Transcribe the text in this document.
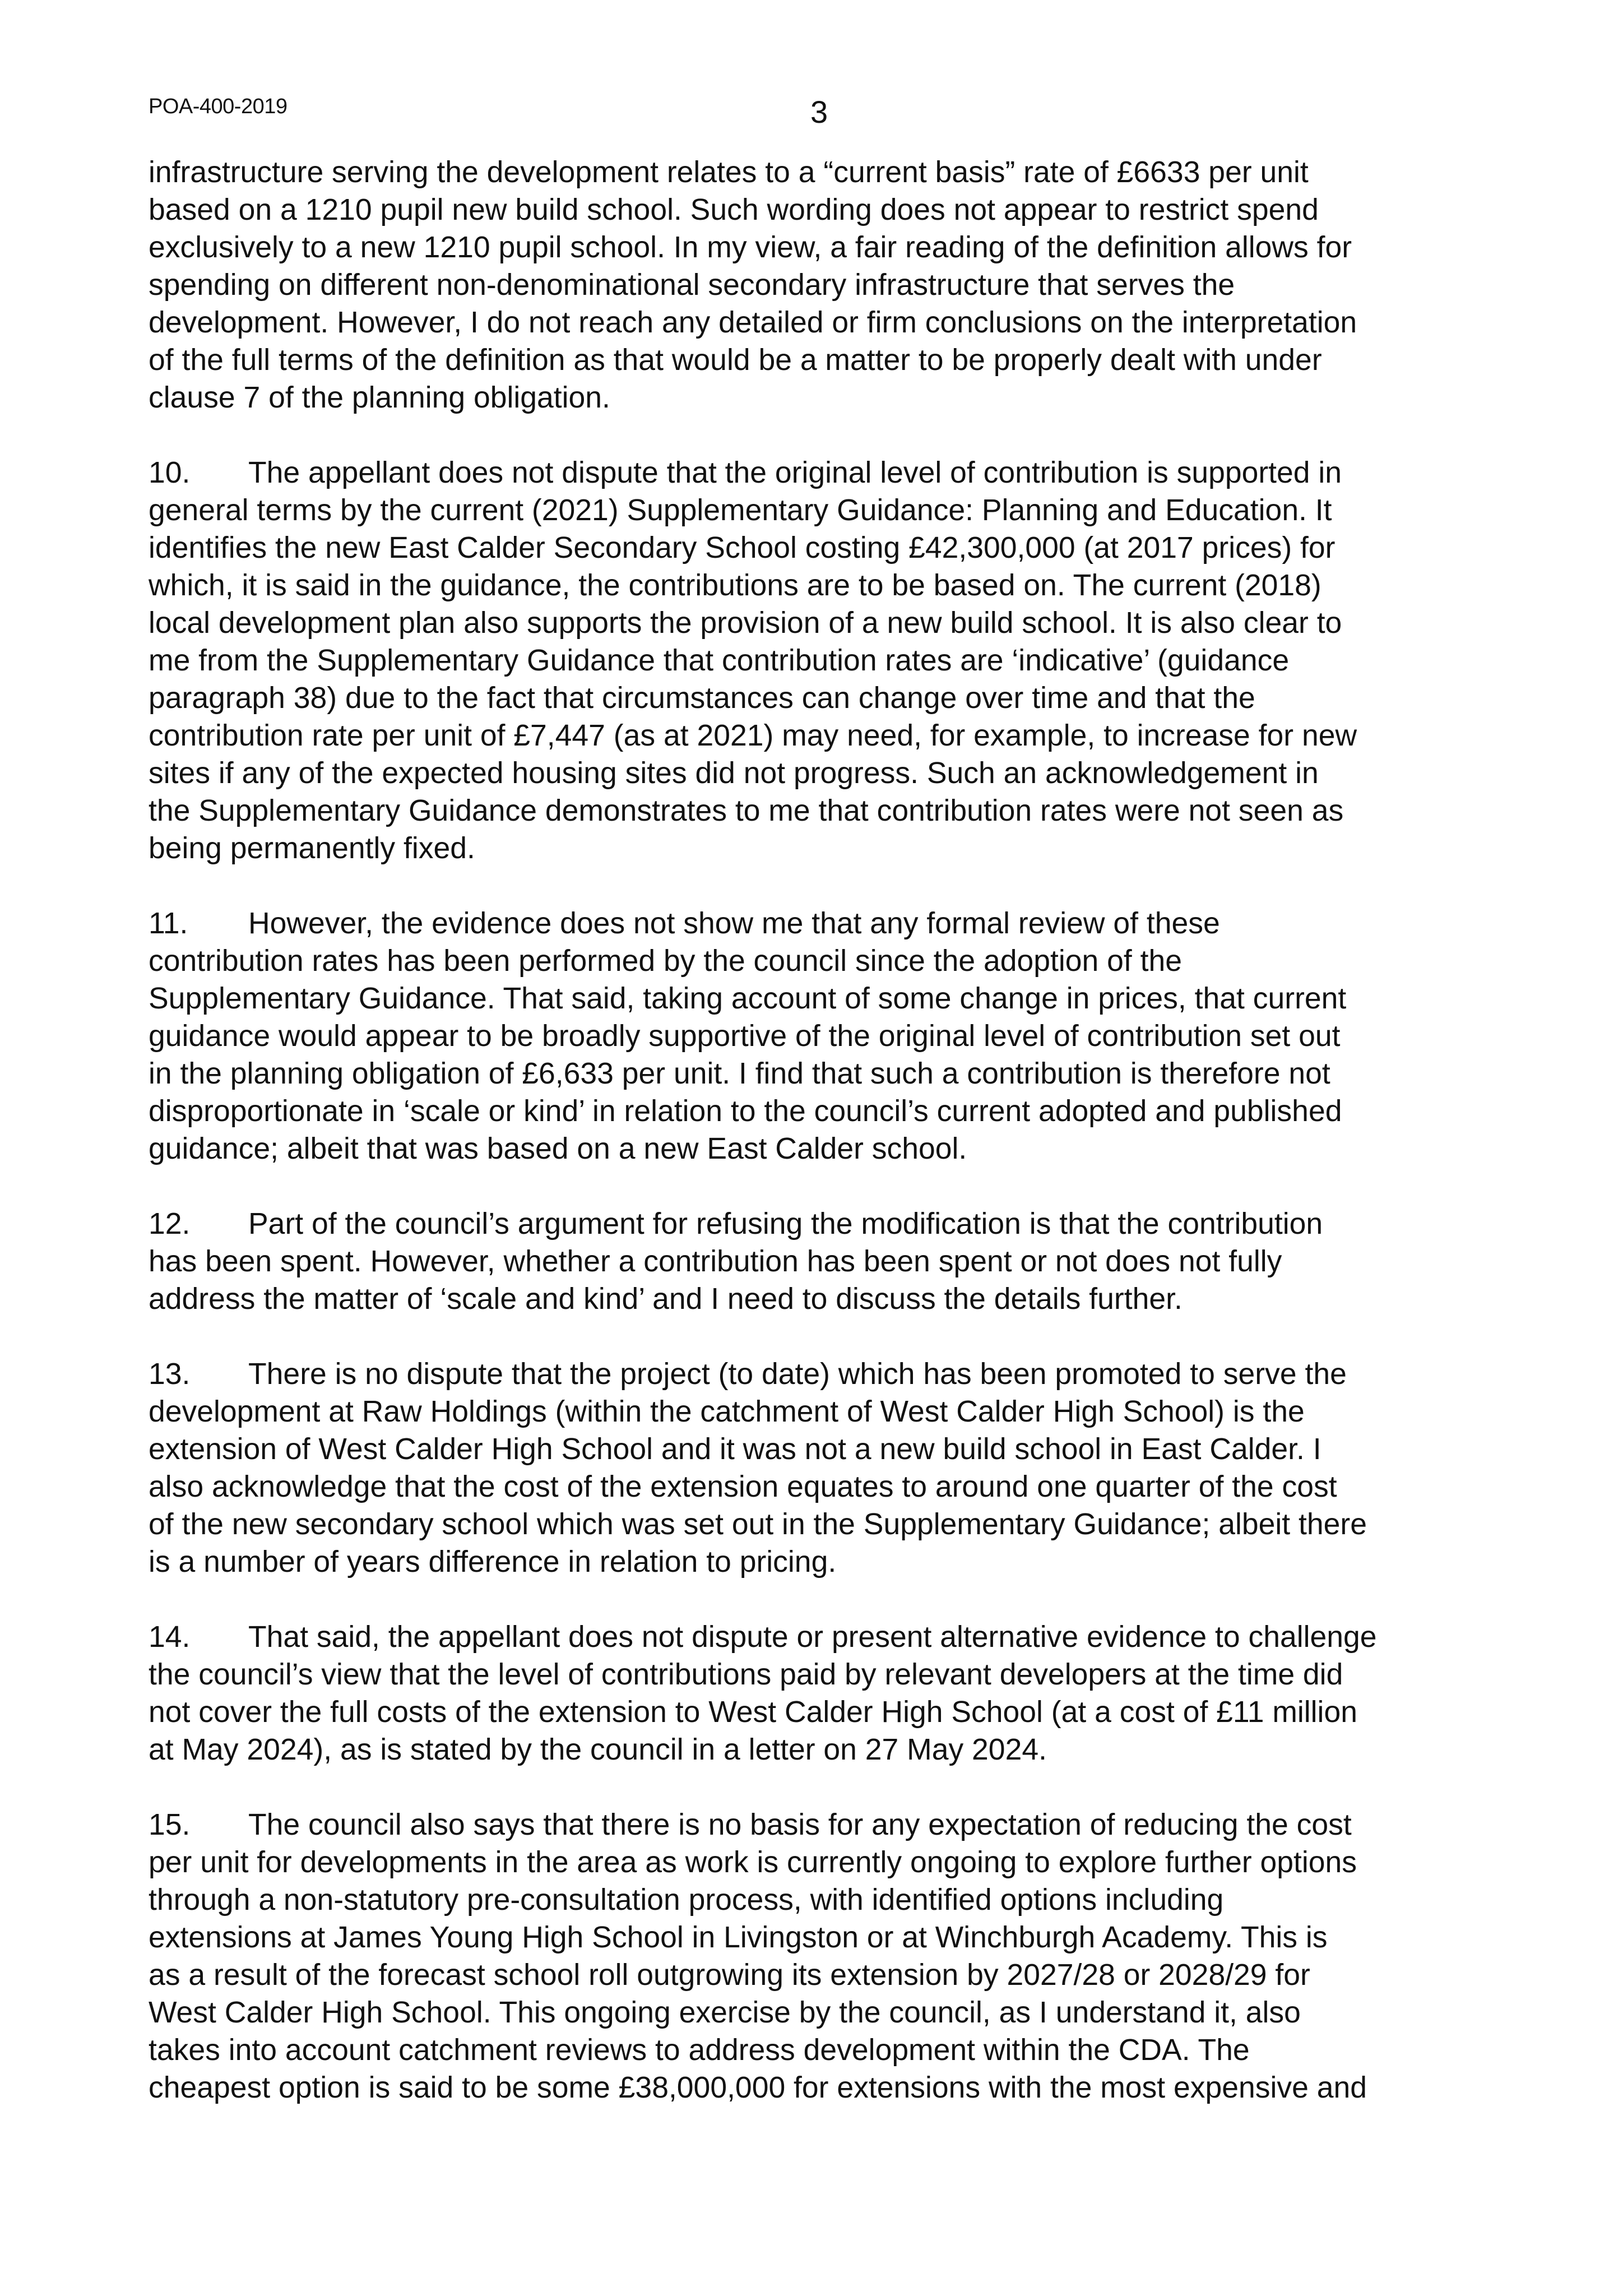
POA-400-2019	3
infrastructure serving the development relates to a “current basis” rate of £6633 per unit
based on a 1210 pupil new build school. Such wording does not appear to restrict spend
exclusively to a new 1210 pupil school. In my view, a fair reading of the definition allows for
spending on different non-denominational secondary infrastructure that serves the
development. However, I do not reach any detailed or firm conclusions on the interpretation
of the full terms of the definition as that would be a matter to be properly dealt with under
clause 7 of the planning obligation.
10. The appellant does not dispute that the original level of contribution is supported in
general terms by the current (2021) Supplementary Guidance: Planning and Education. It
identifies the new East Calder Secondary School costing £42,300,000 (at 2017 prices) for
which, it is said in the guidance, the contributions are to be based on. The current (2018)
local development plan also supports the provision of a new build school. It is also clear to
me from the Supplementary Guidance that contribution rates are ‘indicative’ (guidance
paragraph 38) due to the fact that circumstances can change over time and that the
contribution rate per unit of £7,447 (as at 2021) may need, for example, to increase for new
sites if any of the expected housing sites did not progress. Such an acknowledgement in
the Supplementary Guidance demonstrates to me that contribution rates were not seen as
being permanently fixed.
11. However, the evidence does not show me that any formal review of these
contribution rates has been performed by the council since the adoption of the
Supplementary Guidance. That said, taking account of some change in prices, that current
guidance would appear to be broadly supportive of the original level of contribution set out
in the planning obligation of £6,633 per unit. I find that such a contribution is therefore not
disproportionate in ‘scale or kind’ in relation to the council’s current adopted and published
guidance; albeit that was based on a new East Calder school.
12. Part of the council’s argument for refusing the modification is that the contribution
has been spent. However, whether a contribution has been spent or not does not fully
address the matter of ‘scale and kind’ and I need to discuss the details further.
13. There is no dispute that the project (to date) which has been promoted to serve the
development at Raw Holdings (within the catchment of West Calder High School) is the
extension of West Calder High School and it was not a new build school in East Calder. I
also acknowledge that the cost of the extension equates to around one quarter of the cost
of the new secondary school which was set out in the Supplementary Guidance; albeit there
is a number of years difference in relation to pricing.
14. That said, the appellant does not dispute or present alternative evidence to challenge
the council’s view that the level of contributions paid by relevant developers at the time did
not cover the full costs of the extension to West Calder High School (at a cost of £11 million
at May 2024), as is stated by the council in a letter on 27 May 2024.
15. The council also says that there is no basis for any expectation of reducing the cost
per unit for developments in the area as work is currently ongoing to explore further options
through a non-statutory pre-consultation process, with identified options including
extensions at James Young High School in Livingston or at Winchburgh Academy. This is
as a result of the forecast school roll outgrowing its extension by 2027/28 or 2028/29 for
West Calder High School. This ongoing exercise by the council, as I understand it, also
takes into account catchment reviews to address development within the CDA. The
cheapest option is said to be some £38,000,000 for extensions with the most expensive and
